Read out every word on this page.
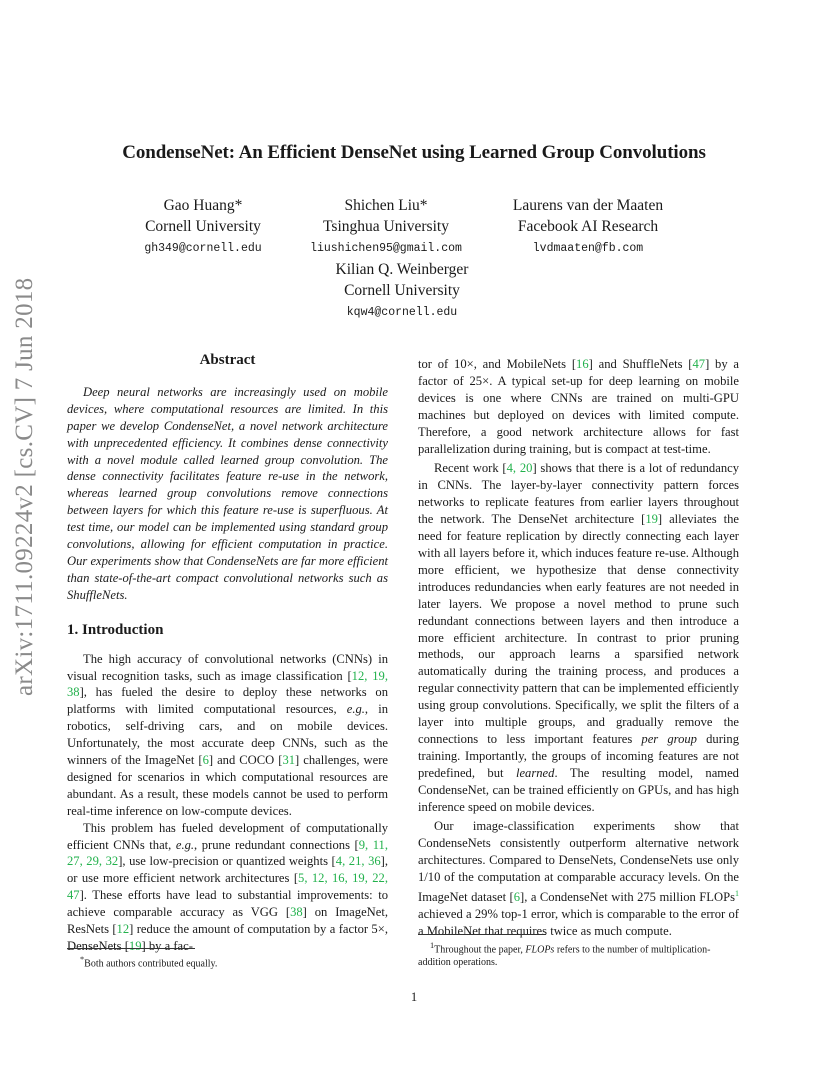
arXiv:1711.09224v2 [cs.CV] 7 Jun 2018
CondenseNet: An Efficient DenseNet using Learned Group Convolutions
Gao Huang*
Cornell University
gh349@cornell.edu
Shichen Liu*
Tsinghua University
liushichen95@gmail.com
Laurens van der Maaten
Facebook AI Research
lvdmaaten@fb.com
Kilian Q. Weinberger
Cornell University
kqw4@cornell.edu
Abstract

Deep neural networks are increasingly used on mobile devices, where computational resources are limited. In this paper we develop CondenseNet, a novel network architecture with unprecedented efficiency. It combines dense connectivity with a novel module called learned group convolution. The dense connectivity facilitates feature re-use in the network, whereas learned group convolutions remove connections between layers for which this feature re-use is superfluous. At test time, our model can be implemented using standard group convolutions, allowing for efficient computation in practice. Our experiments show that CondenseNets are far more efficient than state-of-the-art compact convolutional networks such as ShuffleNets.

1. Introduction

The high accuracy of convolutional networks (CNNs) in visual recognition tasks, such as image classification [12, 19, 38], has fueled the desire to deploy these networks on platforms with limited computational resources, e.g., in robotics, self-driving cars, and on mobile devices. Unfortunately, the most accurate deep CNNs, such as the winners of the ImageNet [6] and COCO [31] challenges, were designed for scenarios in which computational resources are abundant. As a result, these models cannot be used to perform real-time inference on low-compute devices.

This problem has fueled development of computationally efficient CNNs that, e.g., prune redundant connections [9, 11, 27, 29, 32], use low-precision or quantized weights [4, 21, 36], or use more efficient network architectures [5, 12, 16, 19, 22, 47]. These efforts have lead to substantial improvements: to achieve comparable accuracy as VGG [38] on ImageNet, ResNets [12] reduce the amount of computation by a factor 5×, DenseNets [19] by a fac-

*Both authors contributed equally.

tor of 10×, and MobileNets [16] and ShuffleNets [47] by a factor of 25×. A typical set-up for deep learning on mobile devices is one where CNNs are trained on multi-GPU machines but deployed on devices with limited compute. Therefore, a good network architecture allows for fast parallelization during training, but is compact at test-time.

Recent work [4, 20] shows that there is a lot of redundancy in CNNs. The layer-by-layer connectivity pattern forces networks to replicate features from earlier layers throughout the network. The DenseNet architecture [19] alleviates the need for feature replication by directly connecting each layer with all layers before it, which induces feature re-use. Although more efficient, we hypothesize that dense connectivity introduces redundancies when early features are not needed in later layers. We propose a novel method to prune such redundant connections between layers and then introduce a more efficient architecture. In contrast to prior pruning methods, our approach learns a sparsified network automatically during the training process, and produces a regular connectivity pattern that can be implemented efficiently using group convolutions. Specifically, we split the filters of a layer into multiple groups, and gradually remove the connections to less important features per group during training. Importantly, the groups of incoming features are not predefined, but learned. The resulting model, named CondenseNet, can be trained efficiently on GPUs, and has high inference speed on mobile devices.

Our image-classification experiments show that CondenseNets consistently outperform alternative network architectures. Compared to DenseNets, CondenseNets use only 1/10 of the computation at comparable accuracy levels. On the ImageNet dataset [6], a CondenseNet with 275 million FLOPs$^1$ achieved a 29% top-1 error, which is comparable to the error of a MobileNet that requires twice as much compute.

$^1$Throughout the paper, FLOPs refers to the number of multiplication-addition operations.
1
